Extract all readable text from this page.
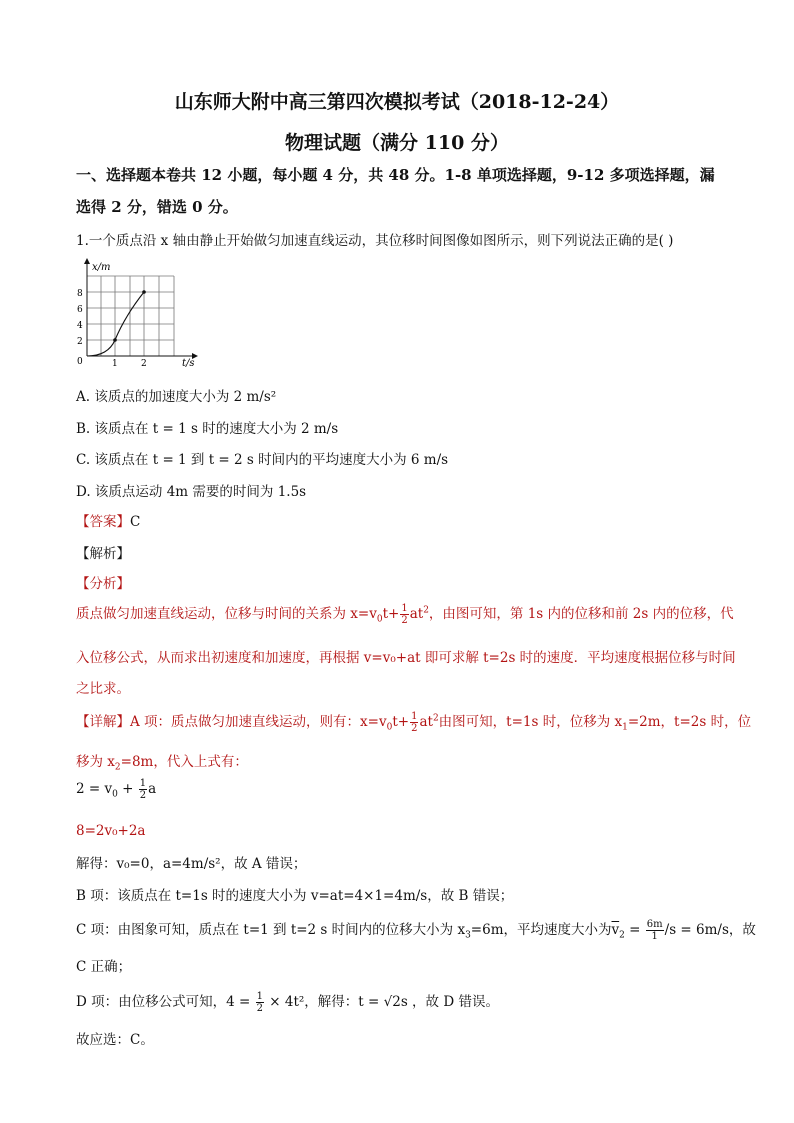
山东师大附中高三第四次模拟考试（2018-12-24）
物理试题（满分 110 分）
一、选择题本卷共 12 小题，每小题 4 分，共 48 分。1-8 单项选择题，9-12 多项选择题，漏
选得 2 分，错选 0 分。
1.一个质点沿 x 轴由静止开始做匀加速直线运动，其位移时间图像如图所示，则下列说法正确的是( )
x/m
t/s
8
6
4
2
0	1	2
A. 该质点的加速度大小为 2 m/s²
B. 该质点在 t = 1 s 时的速度大小为 2 m/s
C. 该质点在 t = 1 到 t = 2 s 时间内的平均速度大小为 6 m/s
D. 该质点运动 4m 需要的时间为 1.5s
【答案】C
【解析】
【分析】
质点做匀加速直线运动，位移与时间的关系为 $x=v_0t+ \frac{1}{2} at^2$，由图可知，第 1s 内的位移和前 2s 内的位移，代
入位移公式，从而求出初速度和加速度，再根据 v=v₀+at 即可求解 t=2s 时的速度．平均速度根据位移与时间
之比求。
【详解】A 项：质点做匀加速直线运动，则有：$x=v_0t+ \frac{1}{2} at^2$由图可知，t=1s 时，位移为 $x_1=2m$，t=2s 时，位
移为 $x_2=8m$，代入上式有：
$2 = v_0 + \frac{1}{2}$ a
8=2v₀+2a
解得：v₀=0，a=4m/s²，故 A 错误；
B 项：该质点在 t=1s 时的速度大小为 v=at=4×1=4m/s，故 B 错误；
C 项：由图象可知，质点在 t=1 到 t=2 s 时间内的位移大小为 $x_3=6m$，平均速度大小为$\overline{v}_2 = \frac{6m}{1} /s = 6m/s$，故
C 正确；
D 项：由位移公式可知，$4 = \frac{1}{2} \times 4t^2$，解得：t = √2s ，故 D 错误。
故应选：C。
